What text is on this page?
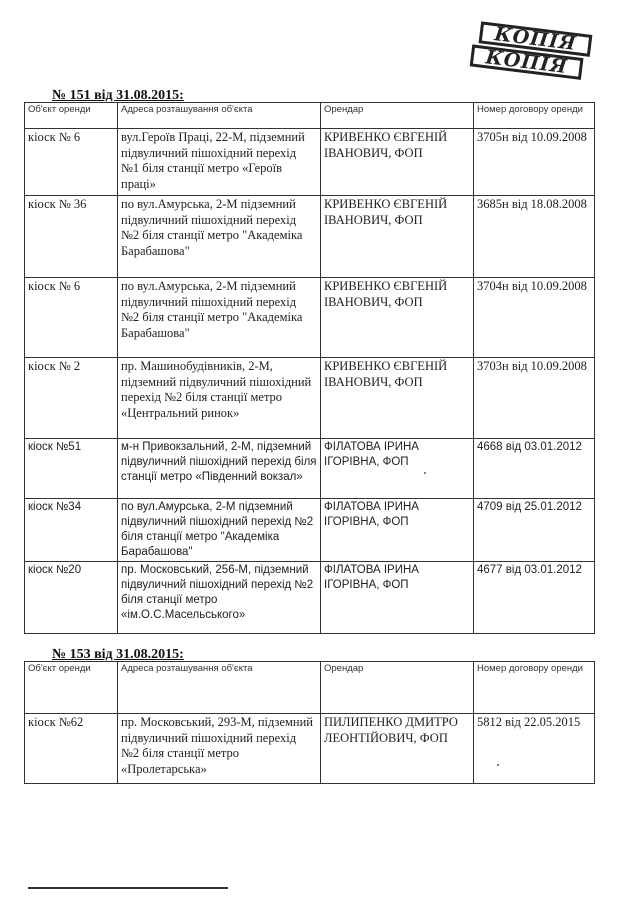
КОПІЯ
КОПІЯ
№ 151 від 31.08.2015:
Об'єкт оренди	Адреса розташування об'єкта	Орендар	Номер договору оренди
кіоск № 6	вул.Героїв Праці, 22-М, підземний підвуличний пішохідний перехід №1 біля станції метро «Героїв праці»	КРИВЕНКО ЄВГЕНІЙ ІВАНОВИЧ, ФОП	3705н від 10.09.2008
кіоск № 36	по вул.Амурська, 2-М підземний підвуличний пішохідний перехід №2 біля станції метро "Академіка Барабашова"	КРИВЕНКО ЄВГЕНІЙ ІВАНОВИЧ, ФОП	3685н від 18.08.2008
кіоск № 6	по вул.Амурська, 2-М підземний підвуличний пішохідний перехід №2 біля станції метро "Академіка Барабашова"	КРИВЕНКО ЄВГЕНІЙ ІВАНОВИЧ, ФОП	3704н від 10.09.2008
кіоск № 2	пр. Машинобудівників, 2-М, підземний підвуличний пішохідний перехід №2 біля станції метро «Центральний ринок»	КРИВЕНКО ЄВГЕНІЙ ІВАНОВИЧ, ФОП	3703н від 10.09.2008
кіоск №51	м-н Привокзальний, 2-М, підземний підвуличний пішохідний перехід біля станції метро «Південний вокзал»	ФІЛАТОВА ІРИНА ІГОРІВНА, ФОП	4668 від 03.01.2012
кіоск №34	по вул.Амурська, 2-М підземний підвуличний пішохідний перехід №2 біля станції метро "Академіка Барабашова"	ФІЛАТОВА ІРИНА ІГОРІВНА, ФОП	4709 від 25.01.2012
кіоск №20	пр. Московський, 256-М, підземний підвуличний пішохідний перехід №2 біля станції метро «ім.О.С.Масельського»	ФІЛАТОВА ІРИНА ІГОРІВНА, ФОП	4677 від 03.01.2012
№ 153 від 31.08.2015:
Об'єкт оренди	Адреса розташування об'єкта	Орендар	Номер договору оренди
кіоск №62	пр. Московський, 293-М, підземний підвуличний пішохідний перехід №2 біля станції метро «Пролетарська»	ПИЛИПЕНКО ДМИТРО ЛЕОНТІЙОВИЧ, ФОП	5812 від 22.05.2015
